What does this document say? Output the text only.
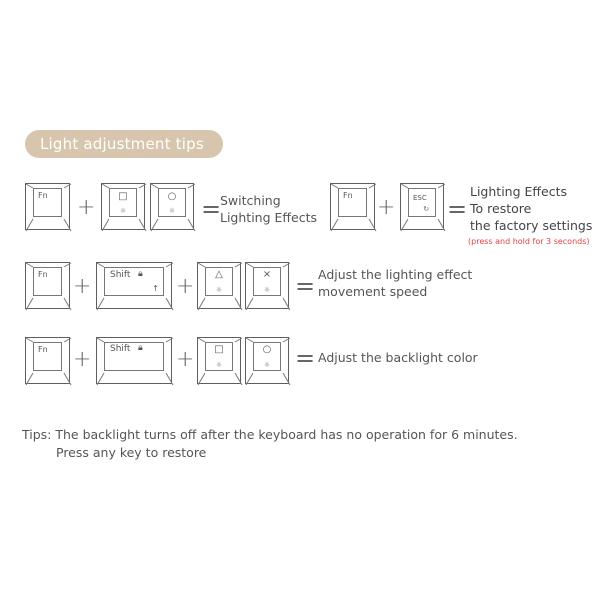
Light adjustment tips
Fn + □
☼
○
☼ =
Switching
Lighting Effects
Fn +	ESC
↻ =
Lighting Effects
To restore
the factory settings
(press and hold for 3 seconds)
Fn + Shift 🔒︎
↑ + △
☼
×
☼ = Adjust the lighting effect
movement speed
Fn + Shift 🔒︎ + □
☼
○
☼ = Adjust the backlight color
Tips: The backlight turns off after the keyboard has no operation for 6 minutes.
Press any key to restore
